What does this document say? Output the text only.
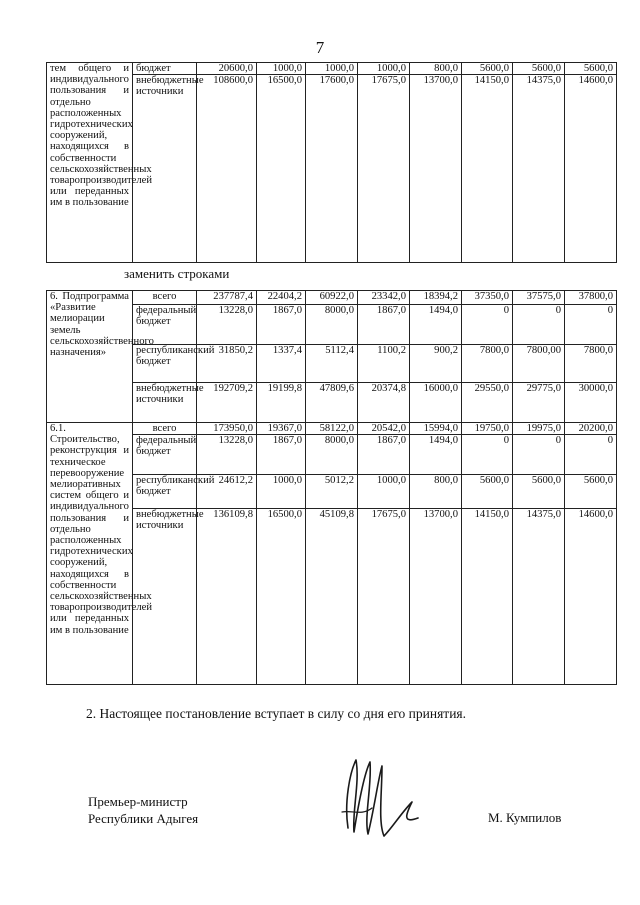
7
тем общего и индивидуального пользования и отдельно расположенных гидротехнических сооружений, находящихся в собственности сельскохозяйственных товаропроизводителей или переданных им в пользование	бюджет	20600,0	1000,0	1000,0	1000,0	800,0	5600,0	5600,0	5600,0
	внебюджетные источники	108600,0	16500,0	17600,0	17675,0	13700,0	14150,0	14375,0	14600,0
заменить строками
6. Подпрограмма «Развитие мелиорации земель сельскохозяйственного назначения»	всего	237787,4	22404,2	60922,0	23342,0	18394,2	37350,0	37575,0	37800,0
	федеральный бюджет	13228,0	1867,0	8000,0	1867,0	1494,0	0	0	0
	республиканский бюджет	31850,2	1337,4	5112,4	1100,2	900,2	7800,0	7800,00	7800,0
	внебюджетные источники	192709,2	19199,8	47809,6	20374,8	16000,0	29550,0	29775,0	30000,0
6.1. Строительство, реконструкция и техническое перевооружение мелиоративных систем общего и индивидуального пользования и отдельно расположенных гидротехнических сооружений, находящихся в собственности сельскохозяйственных товаропроизводителей или переданных им в пользование	всего	173950,0	19367,0	58122,0	20542,0	15994,0	19750,0	19975,0	20200,0
	федеральный бюджет	13228,0	1867,0	8000,0	1867,0	1494,0	0	0	0
	республиканский бюджет	24612,2	1000,0	5012,2	1000,0	800,0	5600,0	5600,0	5600,0
	внебюджетные источники	136109,8	16500,0	45109,8	17675,0	13700,0	14150,0	14375,0	14600,0
2. Настоящее постановление вступает в силу со дня его принятия.
Премьер-министр
Республики Адыгея	М. Кумпилов
